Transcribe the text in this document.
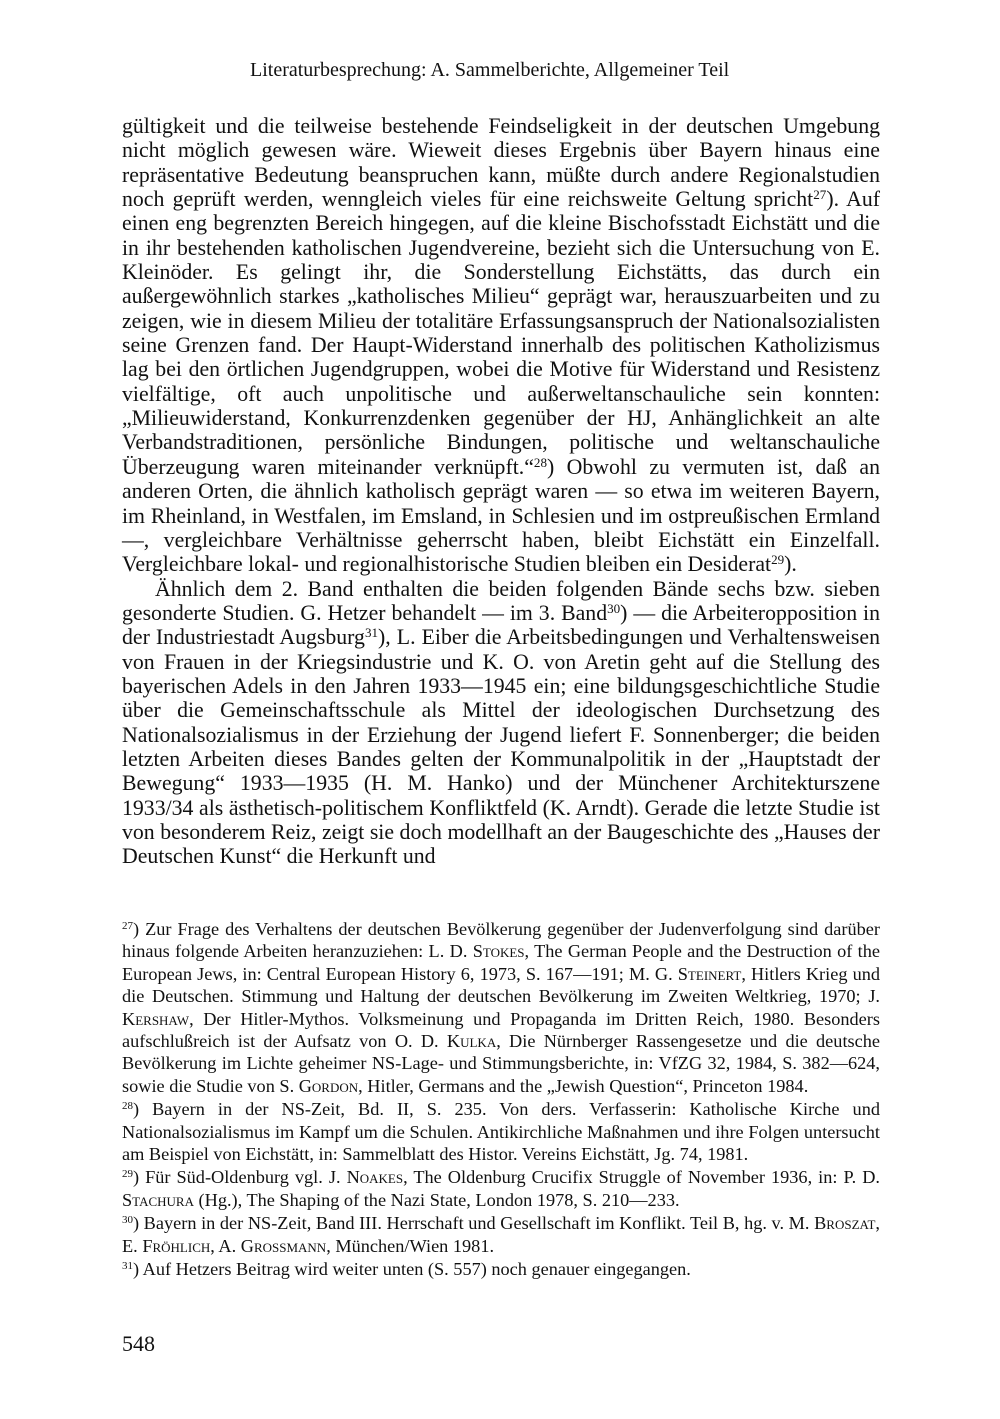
Literaturbesprechung: A. Sammelberichte, Allgemeiner Teil

gültigkeit und die teilweise bestehende Feindseligkeit in der deutschen Umgebung nicht möglich gewesen wäre. Wieweit dieses Ergebnis über Bayern hinaus eine repräsentative Bedeutung beanspruchen kann, müßte durch andere Regionalstudien noch geprüft werden, wenngleich vieles für eine reichsweite Geltung spricht$^{27}$). Auf einen eng begrenzten Bereich hingegen, auf die kleine Bischofsstadt Eichstätt und die in ihr bestehenden katholischen Jugendvereine, bezieht sich die Untersuchung von E. Kleinöder. Es gelingt ihr, die Sonderstellung Eichstätts, das durch ein außergewöhnlich starkes „katholisches Milieu“ geprägt war, herauszuarbeiten und zu zeigen, wie in diesem Milieu der totalitäre Erfassungsanspruch der Nationalsozialisten seine Grenzen fand. Der Haupt-Widerstand innerhalb des politischen Katholizismus lag bei den örtlichen Jugendgruppen, wobei die Motive für Widerstand und Resistenz vielfältige, oft auch unpolitische und außerweltanschauliche sein konnten: „Milieuwiderstand, Konkurrenzdenken gegenüber der HJ, Anhänglichkeit an alte Verbandstraditionen, persönliche Bindungen, politische und weltanschauliche Überzeugung waren miteinander verknüpft.“$^{28}$) Obwohl zu vermuten ist, daß an anderen Orten, die ähnlich katholisch geprägt waren — so etwa im weiteren Bayern, im Rheinland, in Westfalen, im Emsland, in Schlesien und im ostpreußischen Ermland —, vergleichbare Verhältnisse geherrscht haben, bleibt Eichstätt ein Einzelfall. Vergleichbare lokal- und regionalhistorische Studien bleiben ein Desiderat$^{29}$).

Ähnlich dem 2. Band enthalten die beiden folgenden Bände sechs bzw. sieben gesonderte Studien. G. Hetzer behandelt — im 3. Band$^{30}$) — die Arbeiteropposition in der Industriestadt Augsburg$^{31}$), L. Eiber die Arbeitsbedingungen und Verhaltensweisen von Frauen in der Kriegsindustrie und K. O. von Aretin geht auf die Stellung des bayerischen Adels in den Jahren 1933—1945 ein; eine bildungsgeschichtliche Studie über die Gemeinschaftsschule als Mittel der ideologischen Durchsetzung des Nationalsozialismus in der Erziehung der Jugend liefert F. Sonnenberger; die beiden letzten Arbeiten dieses Bandes gelten der Kommunalpolitik in der „Hauptstadt der Bewegung“ 1933—1935 (H. M. Hanko) und der Münchener Architekturszene 1933/34 als ästhetisch-politischem Konfliktfeld (K. Arndt). Gerade die letzte Studie ist von besonderem Reiz, zeigt sie doch modellhaft an der Baugeschichte des „Hauses der Deutschen Kunst“ die Herkunft und

$^{27}$) Zur Frage des Verhaltens der deutschen Bevölkerung gegenüber der Judenverfolgung sind darüber hinaus folgende Arbeiten heranzuziehen: L. D. Stokes, The German People and the Destruction of the European Jews, in: Central European History 6, 1973, S. 167—191; M. G. Steinert, Hitlers Krieg und die Deutschen. Stimmung und Haltung der deutschen Bevölkerung im Zweiten Weltkrieg, 1970; J. Kershaw, Der Hitler-Mythos. Volksmeinung und Propaganda im Dritten Reich, 1980. Besonders aufschlußreich ist der Aufsatz von O. D. Kulka, Die Nürnberger Rassengesetze und die deutsche Bevölkerung im Lichte geheimer NS-Lage- und Stimmungsberichte, in: VfZG 32, 1984, S. 382—624, sowie die Studie von S. Gordon, Hitler, Germans and the „Jewish Question“, Princeton 1984.

$^{28}$) Bayern in der NS-Zeit, Bd. II, S. 235. Von ders. Verfasserin: Katholische Kirche und Nationalsozialismus im Kampf um die Schulen. Antikirchliche Maßnahmen und ihre Folgen untersucht am Beispiel von Eichstätt, in: Sammelblatt des Histor. Vereins Eichstätt, Jg. 74, 1981.

$^{29}$) Für Süd-Oldenburg vgl. J. Noakes, The Oldenburg Crucifix Struggle of November 1936, in: P. D. Stachura (Hg.), The Shaping of the Nazi State, London 1978, S. 210—233.

$^{30}$) Bayern in der NS-Zeit, Band III. Herrschaft und Gesellschaft im Konflikt. Teil B, hg. v. M. Broszat, E. Fröhlich, A. Grossmann, München/Wien 1981.

$^{31}$) Auf Hetzers Beitrag wird weiter unten (S. 557) noch genauer eingegangen.

548
